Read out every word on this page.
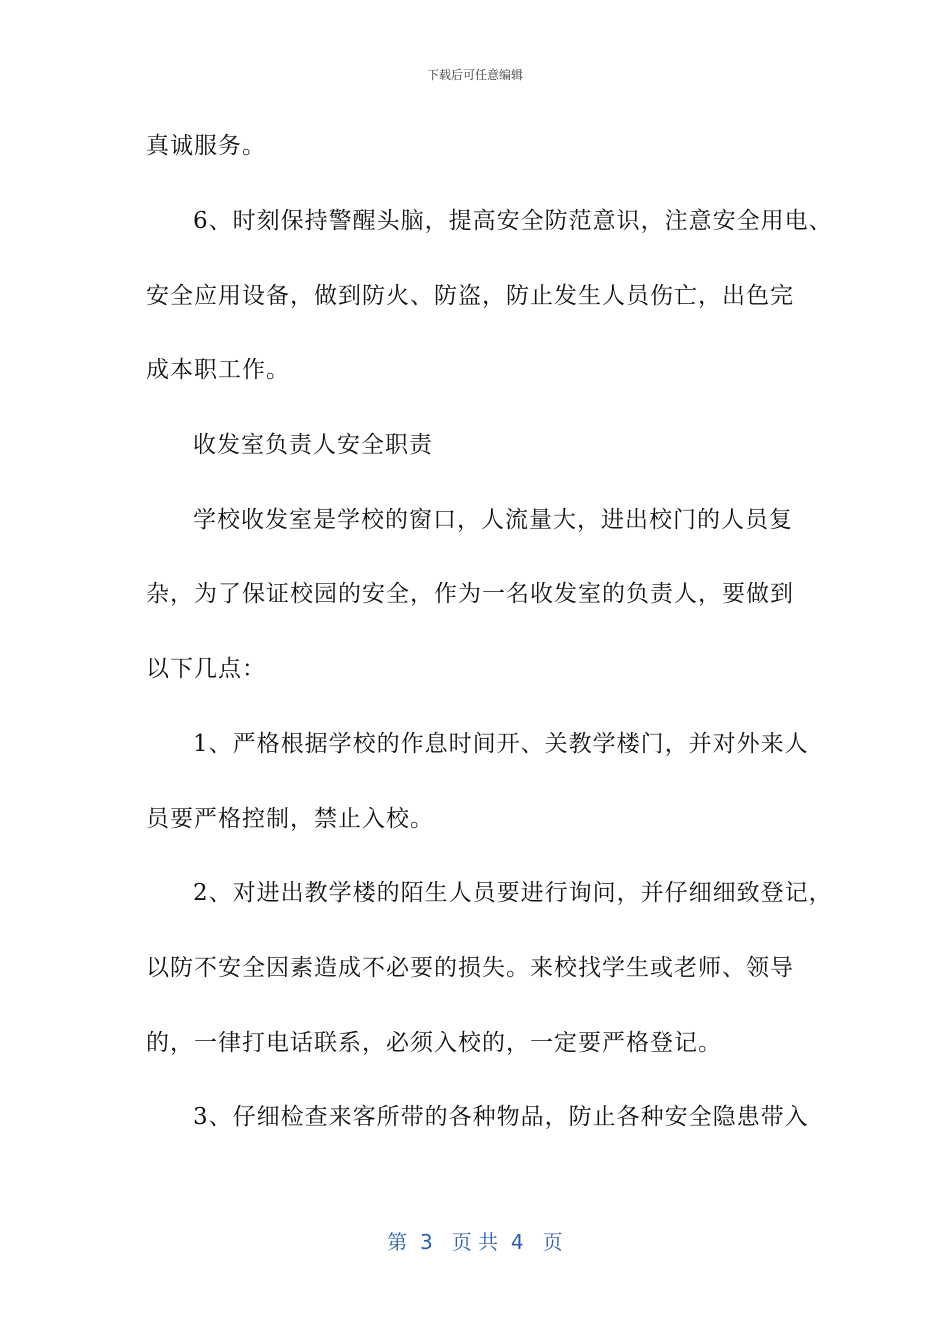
下载后可任意编辑
真诚服务。
6、时刻保持警醒头脑，提高安全防范意识，注意安全用电、
安全应用设备，做到防火、防盗，防止发生人员伤亡，出色完
成本职工作。
收发室负责人安全职责
学校收发室是学校的窗口，人流量大，进出校门的人员复
杂，为了保证校园的安全，作为一名收发室的负责人，要做到
以下几点：
1、严格根据学校的作息时间开、关教学楼门，并对外来人
员要严格控制，禁止入校。
2、对进出教学楼的陌生人员要进行询问，并仔细细致登记，
以防不安全因素造成不必要的损失。来校找学生或老师、领导
的，一律打电话联系，必须入校的，一定要严格登记。
3、仔细检查来客所带的各种物品，防止各种安全隐患带入
第  3   页 共  4   页
